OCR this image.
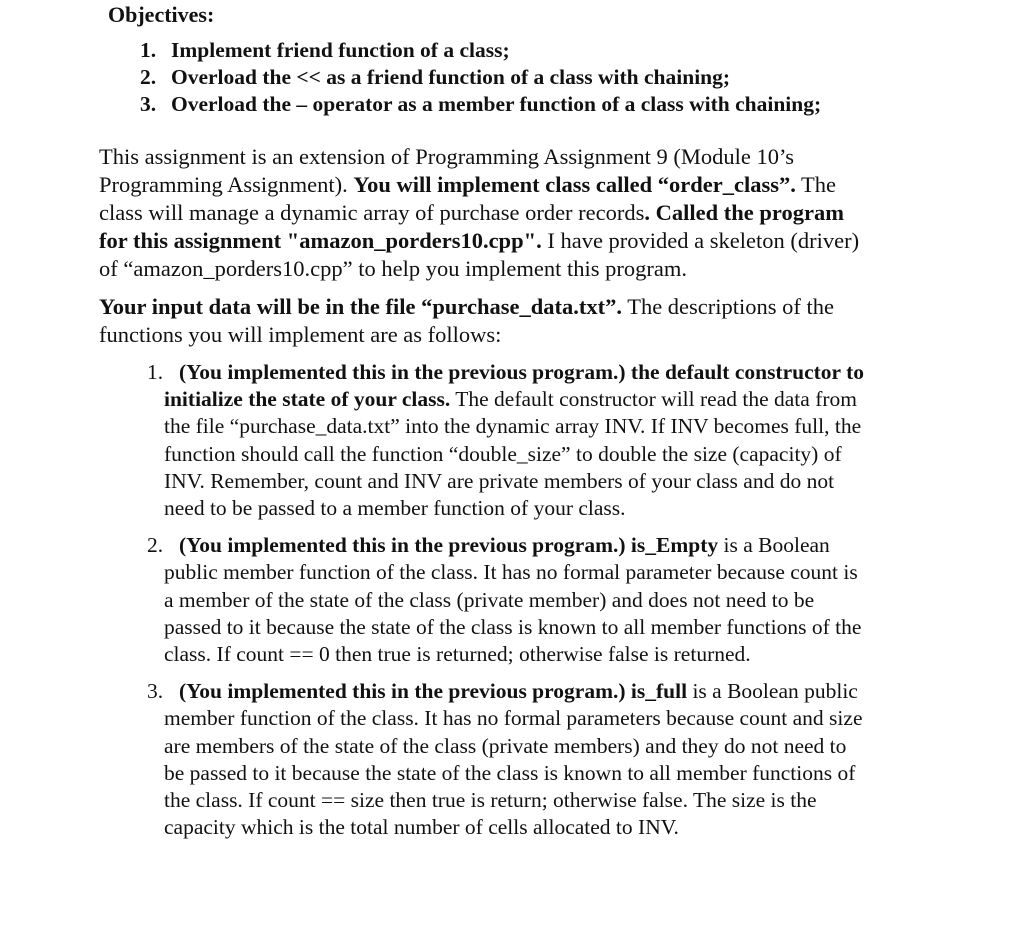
Objectives:
1. Implement friend function of a class;
2. Overload the << as a friend function of a class with chaining;
3. Overload the – operator as a member function of a class with chaining;

This assignment is an extension of Programming Assignment 9 (Module 10’s
Programming Assignment). You will implement class called “order_class”. The
class will manage a dynamic array of purchase order records. Called the program
for this assignment "amazon_porders10.cpp". I have provided a skeleton (driver)
of “amazon_porders10.cpp” to help you implement this program.

Your input data will be in the file “purchase_data.txt”. The descriptions of the
functions you will implement are as follows:

1. (You implemented this in the previous program.) the default constructor to
initialize the state of your class. The default constructor will read the data from
the file “purchase_data.txt” into the dynamic array INV. If INV becomes full, the
function should call the function “double_size” to double the size (capacity) of
INV. Remember, count and INV are private members of your class and do not
need to be passed to a member function of your class.
2. (You implemented this in the previous program.) is_Empty is a Boolean
public member function of the class. It has no formal parameter because count is
a member of the state of the class (private member) and does not need to be
passed to it because the state of the class is known to all member functions of the
class. If count == 0 then true is returned; otherwise false is returned.
3. (You implemented this in the previous program.) is_full is a Boolean public
member function of the class. It has no formal parameters because count and size
are members of the state of the class (private members) and they do not need to
be passed to it because the state of the class is known to all member functions of
the class. If count == size then true is return; otherwise false. The size is the
capacity which is the total number of cells allocated to INV.
